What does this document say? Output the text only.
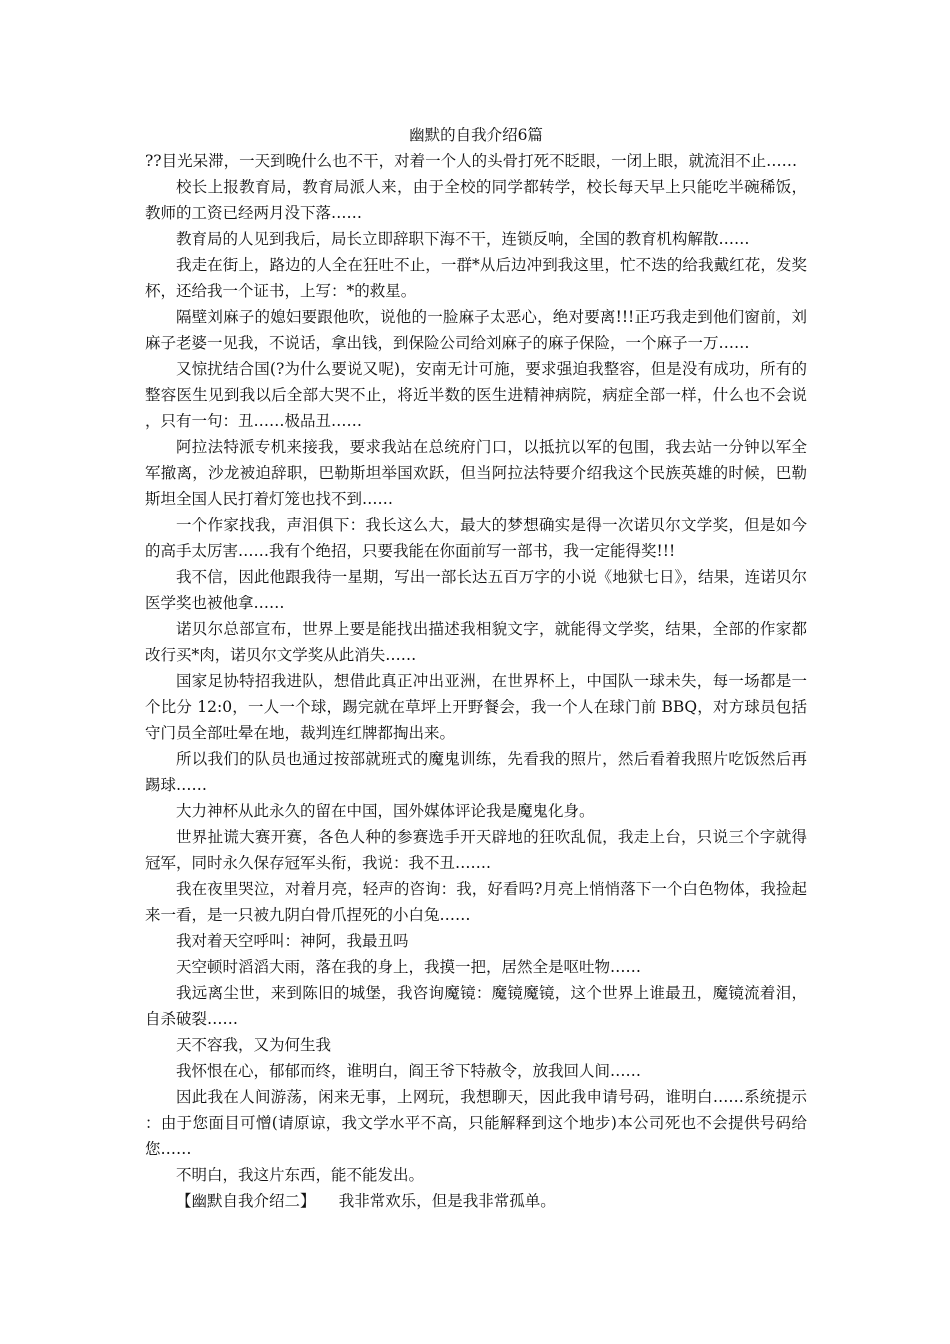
幽默的自我介绍6篇

??目光呆滞，一天到晚什么也不干，对着一个人的头骨打死不眨眼，一闭上眼，就流泪不止……

校长上报教育局，教育局派人来，由于全校的同学都转学，校长每天早上只能吃半碗稀饭，教师的工资已经两月没下落……

教育局的人见到我后，局长立即辞职下海不干，连锁反响，全国的教育机构解散……

我走在街上，路边的人全在狂吐不止，一群*从后边冲到我这里，忙不迭的给我戴红花，发奖杯，还给我一个证书，上写：*的救星。

隔壁刘麻子的媳妇要跟他吹，说他的一脸麻子太恶心，绝对要离!!!正巧我走到他们窗前，刘麻子老婆一见我，不说话，拿出钱，到保险公司给刘麻子的麻子保险，一个麻子一万……

又惊扰结合国(?为什么要说又呢)，安南无计可施，要求强迫我整容，但是没有成功，所有的整容医生见到我以后全部大哭不止，将近半数的医生进精神病院，病症全部一样，什么也不会说，只有一句：丑……极品丑……

阿拉法特派专机来接我，要求我站在总统府门口，以抵抗以军的包围，我去站一分钟以军全军撤离，沙龙被迫辞职，巴勒斯坦举国欢跃，但当阿拉法特要介绍我这个民族英雄的时候，巴勒斯坦全国人民打着灯笼也找不到……

一个作家找我，声泪俱下：我长这么大，最大的梦想确实是得一次诺贝尔文学奖，但是如今的高手太厉害……我有个绝招，只要我能在你面前写一部书，我一定能得奖!!!

我不信，因此他跟我待一星期，写出一部长达五百万字的小说《地狱七日》，结果，连诺贝尔医学奖也被他拿……

诺贝尔总部宣布，世界上要是能找出描述我相貌文字，就能得文学奖，结果，全部的作家都改行买*肉，诺贝尔文学奖从此消失……

国家足协特招我进队，想借此真正冲出亚洲，在世界杯上，中国队一球未失，每一场都是一个比分 12:0，一人一个球，踢完就在草坪上开野餐会，我一个人在球门前 BBQ，对方球员包括守门员全部吐晕在地，裁判连红牌都掏出来。

所以我们的队员也通过按部就班式的魔鬼训练，先看我的照片，然后看着我照片吃饭然后再踢球……

大力神杯从此永久的留在中国，国外媒体评论我是魔鬼化身。

世界扯谎大赛开赛，各色人种的参赛选手开天辟地的狂吹乱侃，我走上台，只说三个字就得冠军，同时永久保存冠军头衔，我说：我不丑…….

我在夜里哭泣，对着月亮，轻声的咨询：我，好看吗?月亮上悄悄落下一个白色物体，我捡起来一看，是一只被九阴白骨爪捏死的小白兔……

我对着天空呼叫：神阿，我最丑吗

天空顿时滔滔大雨，落在我的身上，我摸一把，居然全是呕吐物……

我远离尘世，来到陈旧的城堡，我咨询魔镜：魔镜魔镜，这个世界上谁最丑，魔镜流着泪，自杀破裂……

天不容我，又为何生我

我怀恨在心，郁郁而终，谁明白，阎王爷下特赦令，放我回人间……

因此我在人间游荡，闲来无事，上网玩，我想聊天，因此我申请号码，谁明白……系统提示：由于您面目可憎(请原谅，我文学水平不高，只能解释到这个地步)本公司死也不会提供号码给您……

不明白，我这片东西，能不能发出。

【幽默自我介绍二】　　我非常欢乐，但是我非常孤单。
